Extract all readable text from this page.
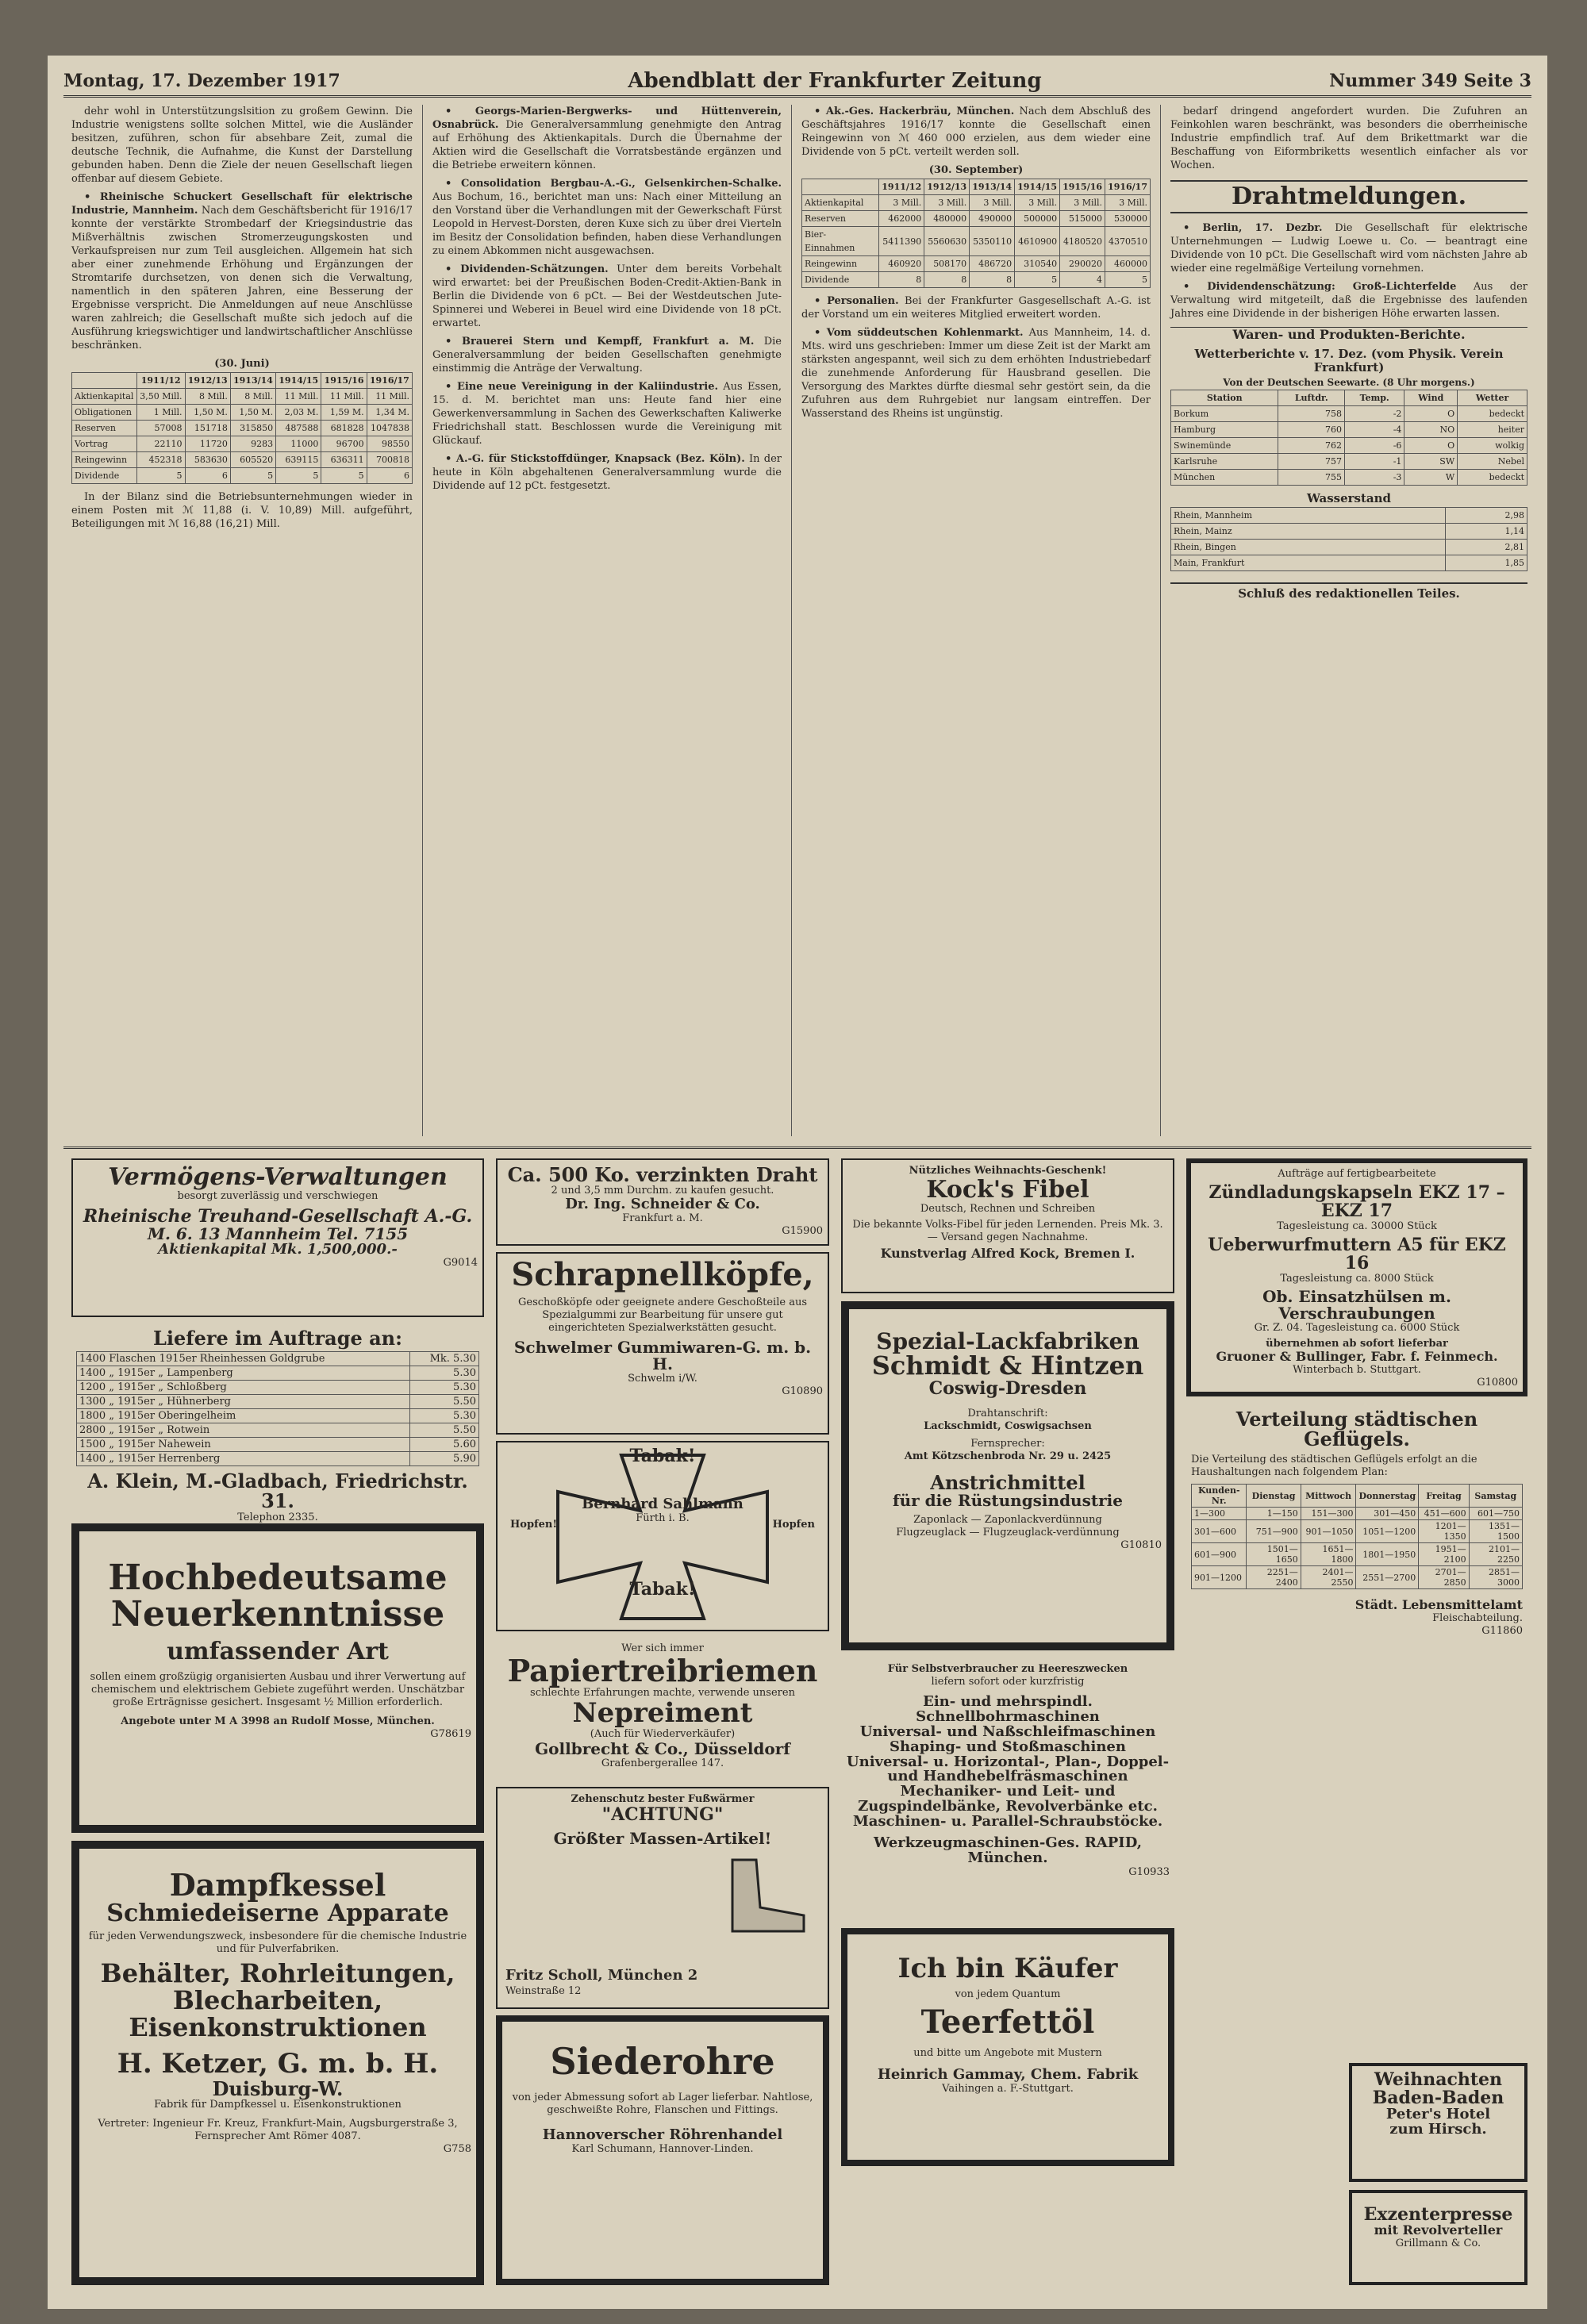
Montag, 17. Dezember 1917	Abendblatt der Frankfurter Zeitung	Nummer 349 Seite 3

dehr wohl in Unterstützungslsition zu großem Gewinn. Die Industrie wenigstens sollte solchen Mittel, wie die Ausländer besitzen, zuführen, schon für absehbare Zeit, zumal die deutsche Technik, die Aufnahme, die Kunst der Darstellung gebunden haben. Denn die Ziele der neuen Gesellschaft liegen offenbar auf diesem Gebiete.

• Rheinische Schuckert Gesellschaft für elektrische Industrie, Mannheim. Nach dem Geschäftsbericht für 1916/17 konnte der verstärkte Strombedarf der Kriegsindustrie das Mißverhältnis zwischen Stromerzeugungskosten und Verkaufspreisen nur zum Teil ausgleichen. Allgemein hat sich aber einer zunehmende Erhöhung und Ergänzungen der Stromtarife durchsetzen, von denen sich die Verwaltung, namentlich in den späteren Jahren, eine Besserung der Ergebnisse verspricht. Die Anmeldungen auf neue Anschlüsse waren zahlreich; die Gesellschaft mußte sich jedoch auf die Ausführung kriegswichtiger und landwirtschaftlicher Anschlüsse beschränken.

(30. Juni)
	1911/12	1912/13	1913/14	1914/15	1915/16	1916/17
Aktienkapital	3,50 Mill.	8 Mill.	8 Mill.	11 Mill.	11 Mill.	11 Mill.
Obligationen	1 Mill.	1,50 M.	1,50 M.	2,03 M.	1,59 M.	1,34 M.
Reserven	57008	151718	315850	487588	681828	1047838
Vortrag	22110	11720	9283	11000	96700	98550
Reingewinn	452318	583630	605520	639115	636311	700818
Dividende	5	6	5	5	5	6

In der Bilanz sind die Betriebsunternehmungen wieder in einem Posten mit ℳ 11,88 (i. V. 10,89) Mill. aufgeführt, Beteiligungen mit ℳ 16,88 (16,21) Mill.

• Georgs-Marien-Bergwerks- und Hüttenverein, Osnabrück. Die Generalversammlung genehmigte den Antrag auf Erhöhung des Aktienkapitals. Durch die Übernahme der Aktien wird die Gesellschaft die Vorratsbestände ergänzen und die Betriebe erweitern können.

• Consolidation Bergbau-A.-G., Gelsenkirchen-Schalke. Aus Bochum, 16., berichtet man uns: Nach einer Mitteilung an den Vorstand über die Verhandlungen mit der Gewerkschaft Fürst Leopold in Hervest-Dorsten, deren Kuxe sich zu über drei Vierteln im Besitz der Consolidation befinden, haben diese Verhandlungen zu einem Abkommen nicht ausgewachsen.

• Dividenden-Schätzungen. Unter dem bereits Vorbehalt wird erwartet: bei der Preußischen Boden-Credit-Aktien-Bank in Berlin die Dividende von 6 pCt. — Bei der Westdeutschen Jute-Spinnerei und Weberei in Beuel wird eine Dividende von 18 pCt. erwartet.

• Brauerei Stern und Kempff, Frankfurt a. M. Die Generalversammlung der beiden Gesellschaften genehmigte einstimmig die Anträge der Verwaltung.

• Eine neue Vereinigung in der Kaliindustrie. Aus Essen, 15. d. M. berichtet man uns: Heute fand hier eine Gewerkenversammlung in Sachen des Gewerkschaften Kaliwerke Friedrichshall statt. Beschlossen wurde die Vereinigung mit Glückauf.

• A.-G. für Stickstoffdünger, Knapsack (Bez. Köln). In der heute in Köln abgehaltenen Generalversammlung wurde die Dividende auf 12 pCt. festgesetzt.

• Ak.-Ges. Hackerbräu, München. Nach dem Abschluß des Geschäftsjahres 1916/17 konnte die Gesellschaft einen Reingewinn von ℳ 460 000 erzielen, aus dem wieder eine Dividende von 5 pCt. verteilt werden soll.

(30. September)
	1911/12	1912/13	1913/14	1914/15	1915/16	1916/17
Aktienkapital	3 Mill.	3 Mill.	3 Mill.	3 Mill.	3 Mill.	3 Mill.
Reserven	462000	480000	490000	500000	515000	530000
Bier-Einnahmen	5411390	5560630	5350110	4610900	4180520	4370510
Reingewinn	460920	508170	486720	310540	290020	460000
Dividende	8	8	8	5	4	5

• Personalien. Bei der Frankfurter Gasgesellschaft A.-G. ist der Vorstand um ein weiteres Mitglied erweitert worden.

• Vom süddeutschen Kohlenmarkt. Aus Mannheim, 14. d. Mts. wird uns geschrieben: Immer um diese Zeit ist der Markt am stärksten angespannt, weil sich zu dem erhöhten Industriebedarf die zunehmende Anforderung für Hausbrand gesellen. Die Versorgung des Marktes dürfte diesmal sehr gestört sein, da die Zufuhren aus dem Ruhrgebiet nur langsam eintreffen. Der Wasserstand des Rheins ist ungünstig.

bedarf dringend angefordert wurden. Die Zufuhren an Feinkohlen waren beschränkt, was besonders die oberrheinische Industrie empfindlich traf. Auf dem Brikettmarkt war die Beschaffung von Eiformbriketts wesentlich einfacher als vor Wochen.

Drahtmeldungen.

• Berlin, 17. Dezbr. Die Gesellschaft für elektrische Unternehmungen — Ludwig Loewe u. Co. — beantragt eine Dividende von 10 pCt. Die Gesellschaft wird vom nächsten Jahre ab wieder eine regelmäßige Verteilung vornehmen.

• Dividendenschätzung: Groß-Lichterfelde Aus der Verwaltung wird mitgeteilt, daß die Ergebnisse des laufenden Jahres eine Dividende in der bisherigen Höhe erwarten lassen.

Waren- und Produkten-Berichte.
Wetterberichte v. 17. Dez. (vom Physik. Verein Frankfurt)
Von der Deutschen Seewarte. (8 Uhr morgens.)
Station	Luftdr.	Temp.	Wind	Wetter
Borkum	758	-2	O	bedeckt
Hamburg	760	-4	NO	heiter
Swinemünde	762	-6	O	wolkig
Karlsruhe	757	-1	SW	Nebel
München	755	-3	W	bedeckt
Wasserstand
Rhein, Mannheim	2,98
Rhein, Mainz	1,14
Rhein, Bingen	2,81
Main, Frankfurt	1,85
Schluß des redaktionellen Teiles.
Vermögens-Verwaltungen
besorgt zuverlässig und verschwiegen
Rheinische Treuhand-Gesellschaft A.-G.
M. 6. 13 Mannheim Tel. 7155
Aktienkapital Mk. 1,500,000.-
G9014
Liefere im Auftrage an:
1400 Flaschen 1915er Rheinhessen Goldgrube	Mk. 5.30
1400 „ 1915er „ Lampenberg	5.30
1200 „ 1915er „ Schloßberg	5.30
1300 „ 1915er „ Hühnerberg	5.50
1800 „ 1915er Oberingelheim	5.30
2800 „ 1915er „ Rotwein	5.50
1500 „ 1915er Nahewein	5.60
1400 „ 1915er Herrenberg	5.90
A. Klein, M.-Gladbach, Friedrichstr. 31.
Telephon 2335.
Hochbedeutsame
Neuerkenntnisse
umfassender Art
sollen einem großzügig organisierten Ausbau und ihrer Verwertung auf chemischem und elektrischem Gebiete zugeführt werden. Unschätzbar große Erträgnisse gesichert. Insgesamt ½ Million erforderlich.
Angebote unter M A 3998 an Rudolf Mosse, München.
G78619
Dampfkessel
Schmiedeiserne Apparate
für jeden Verwendungszweck, insbesondere für die chemische Industrie und für Pulverfabriken.
Behälter, Rohrleitungen,
Blecharbeiten,
Eisenkonstruktionen
H. Ketzer, G. m. b. H.
Duisburg-W.
Fabrik für Dampfkessel u. Eisenkonstruktionen
Vertreter: Ingenieur Fr. Kreuz, Frankfurt-Main, Augsburgerstraße 3, Fernsprecher Amt Römer 4087.
G758
Ca. 500 Ko. verzinkten Draht
2 und 3,5 mm Durchm. zu kaufen gesucht.
Dr. Ing. Schneider & Co.
Frankfurt a. M.
G15900
Schrapnellköpfe,
Geschoßköpfe oder geeignete andere Geschoßteile aus Spezialgummi zur Bearbeitung für unsere gut eingerichteten Spezialwerkstätten gesucht.
Schwelmer Gummiwaren-G. m. b. H.
Schwelm i/W.
G10890
Tabak!
Bernhard Sahlmann
Fürth i. B.
Hopfen!	Hopfen
Tabak!
Wer sich immer
Papiertreibriemen
schlechte Erfahrungen machte, verwende unseren
Nepreiment
(Auch für Wiederverkäufer)
Gollbrecht & Co., Düsseldorf
Grafenbergerallee 147.
Zehenschutz bester Fußwärmer
"ACHTUNG"
Größter Massen-Artikel!
Fritz Scholl, München 2
Weinstraße 12
Siederohre
von jeder Abmessung sofort ab Lager lieferbar. Nahtlose, geschweißte Rohre, Flanschen und Fittings.
Hannoverscher Röhrenhandel
Karl Schumann, Hannover-Linden.
Nützliches Weihnachts-Geschenk!
Kock's Fibel
Deutsch, Rechnen und Schreiben
Die bekannte Volks-Fibel für jeden Lernenden. Preis Mk. 3.— Versand gegen Nachnahme.
Kunstverlag Alfred Kock, Bremen I.
Spezial-Lackfabriken
Schmidt & Hintzen
Coswig-Dresden
Drahtanschrift:
Lackschmidt, Coswigsachsen
Fernsprecher:
Amt Kötzschenbroda Nr. 29 u. 2425
Anstrichmittel
für die Rüstungsindustrie
Zaponlack — Zaponlackverdünnung
Flugzeuglack — Flugzeuglack-verdünnung
G10810
Für Selbstverbraucher zu Heereszwecken
liefern sofort oder kurzfristig
Ein- und mehrspindl. Schnellbohrmaschinen
Universal- und Naßschleifmaschinen
Shaping- und Stoßmaschinen
Universal- u. Horizontal-, Plan-, Doppel- und Handhebelfräsmaschinen
Mechaniker- und Leit- und Zugspindelbänke, Revolverbänke etc.
Maschinen- u. Parallel-Schraubstöcke.
Werkzeugmaschinen-Ges. RAPID, München.
G10933
Ich bin Käufer
von jedem Quantum
Teerfettöl
und bitte um Angebote mit Mustern
Heinrich Gammay, Chem. Fabrik
Vaihingen a. F.-Stuttgart.
Aufträge auf fertigbearbeitete
Zündladungskapseln EKZ 17 – EKZ 17
Tagesleistung ca. 30000 Stück
Ueberwurfmuttern A5 für EKZ 16
Tagesleistung ca. 8000 Stück
Ob. Einsatzhülsen m. Verschraubungen
Gr. Z. 04. Tagesleistung ca. 6000 Stück
übernehmen ab sofort lieferbar
Gruoner & Bullinger, Fabr. f. Feinmech.
Winterbach b. Stuttgart.
G10800
Verteilung städtischen Geflügels.
Die Verteilung des städtischen Geflügels erfolgt an die Haushaltungen nach folgendem Plan:
Kunden-Nr.	Dienstag	Mittwoch	Donnerstag	Freitag	Samstag
1—300	1—150	151—300	301—450	451—600	601—750
301—600	751—900	901—1050	1051—1200	1201—1350	1351—1500
601—900	1501—1650	1651—1800	1801—1950	1951—2100	2101—2250
901—1200	2251—2400	2401—2550	2551—2700	2701—2850	2851—3000
Städt. Lebensmittelamt
Fleischabteilung.
G11860
Weihnachten
Baden-Baden
Peter's Hotel
zum Hirsch.
Exzenterpresse
mit Revolverteller
Grillmann & Co.
